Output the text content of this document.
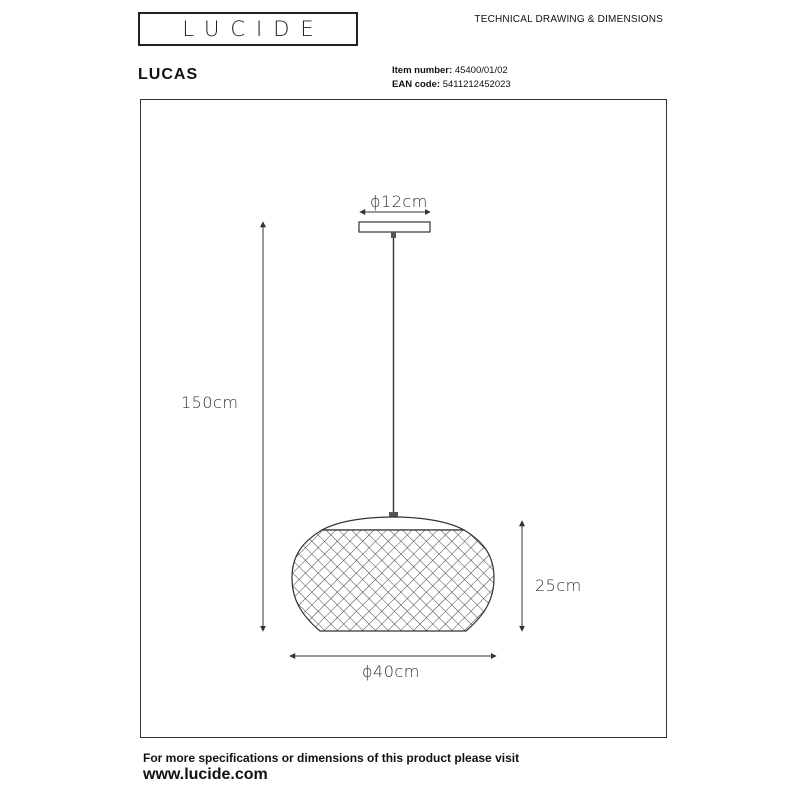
LUCIDE	TECHNICAL DRAWING & DIMENSIONS
LUCAS	Item number: 45400/01/02
EAN code: 5411212452023
ϕ12cm
150cm
25cm
ϕ40cm
For more specifications or dimensions of this product please visit
www.lucide.com
